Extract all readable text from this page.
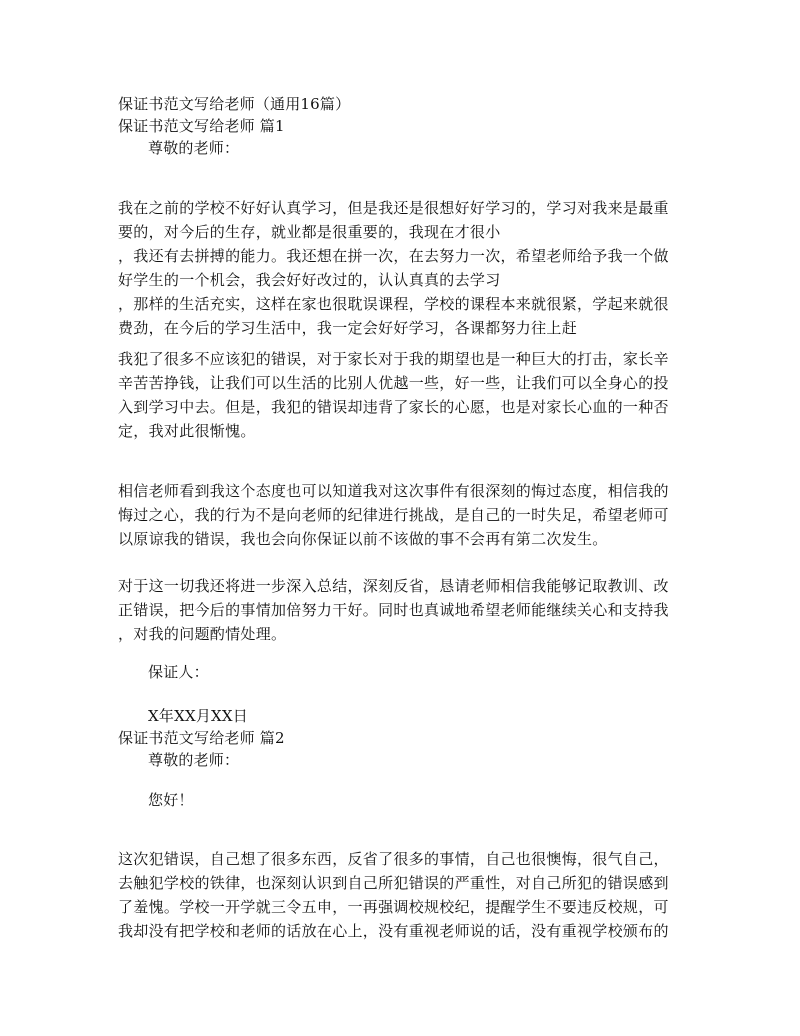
保证书范文写给老师（通用16篇）
保证书范文写给老师 篇1
尊敬的老师：
我在之前的学校不好好认真学习，但是我还是很想好好学习的，学习对我来是最重
要的，对今后的生存，就业都是很重要的，我现在才很小
，我还有去拼搏的能力。我还想在拼一次，在去努力一次，希望老师给予我一个做
好学生的一个机会，我会好好改过的，认认真真的去学习
，那样的生活充实，这样在家也很耽误课程，学校的课程本来就很紧，学起来就很
费劲，在今后的学习生活中，我一定会好好学习，各课都努力往上赶
我犯了很多不应该犯的错误，对于家长对于我的期望也是一种巨大的打击，家长辛
辛苦苦挣钱，让我们可以生活的比别人优越一些，好一些，让我们可以全身心的投
入到学习中去。但是，我犯的错误却违背了家长的心愿，也是对家长心血的一种否
定，我对此很惭愧。
相信老师看到我这个态度也可以知道我对这次事件有很深刻的悔过态度，相信我的
悔过之心，我的行为不是向老师的纪律进行挑战，是自己的一时失足，希望老师可
以原谅我的错误，我也会向你保证以前不该做的事不会再有第二次发生。
对于这一切我还将进一步深入总结，深刻反省，恳请老师相信我能够记取教训、改
正错误，把今后的事情加倍努力干好。同时也真诚地希望老师能继续关心和支持我
，对我的问题酌情处理。
保证人：
X年XX月XX日
保证书范文写给老师 篇2
尊敬的老师：
您好！
这次犯错误，自己想了很多东西，反省了很多的事情，自己也很懊悔，很气自己，
去触犯学校的铁律，也深刻认识到自己所犯错误的严重性，对自己所犯的错误感到
了羞愧。学校一开学就三令五申，一再强调校规校纪，提醒学生不要违反校规，可
我却没有把学校和老师的话放在心上，没有重视老师说的话，没有重视学校颁布的
